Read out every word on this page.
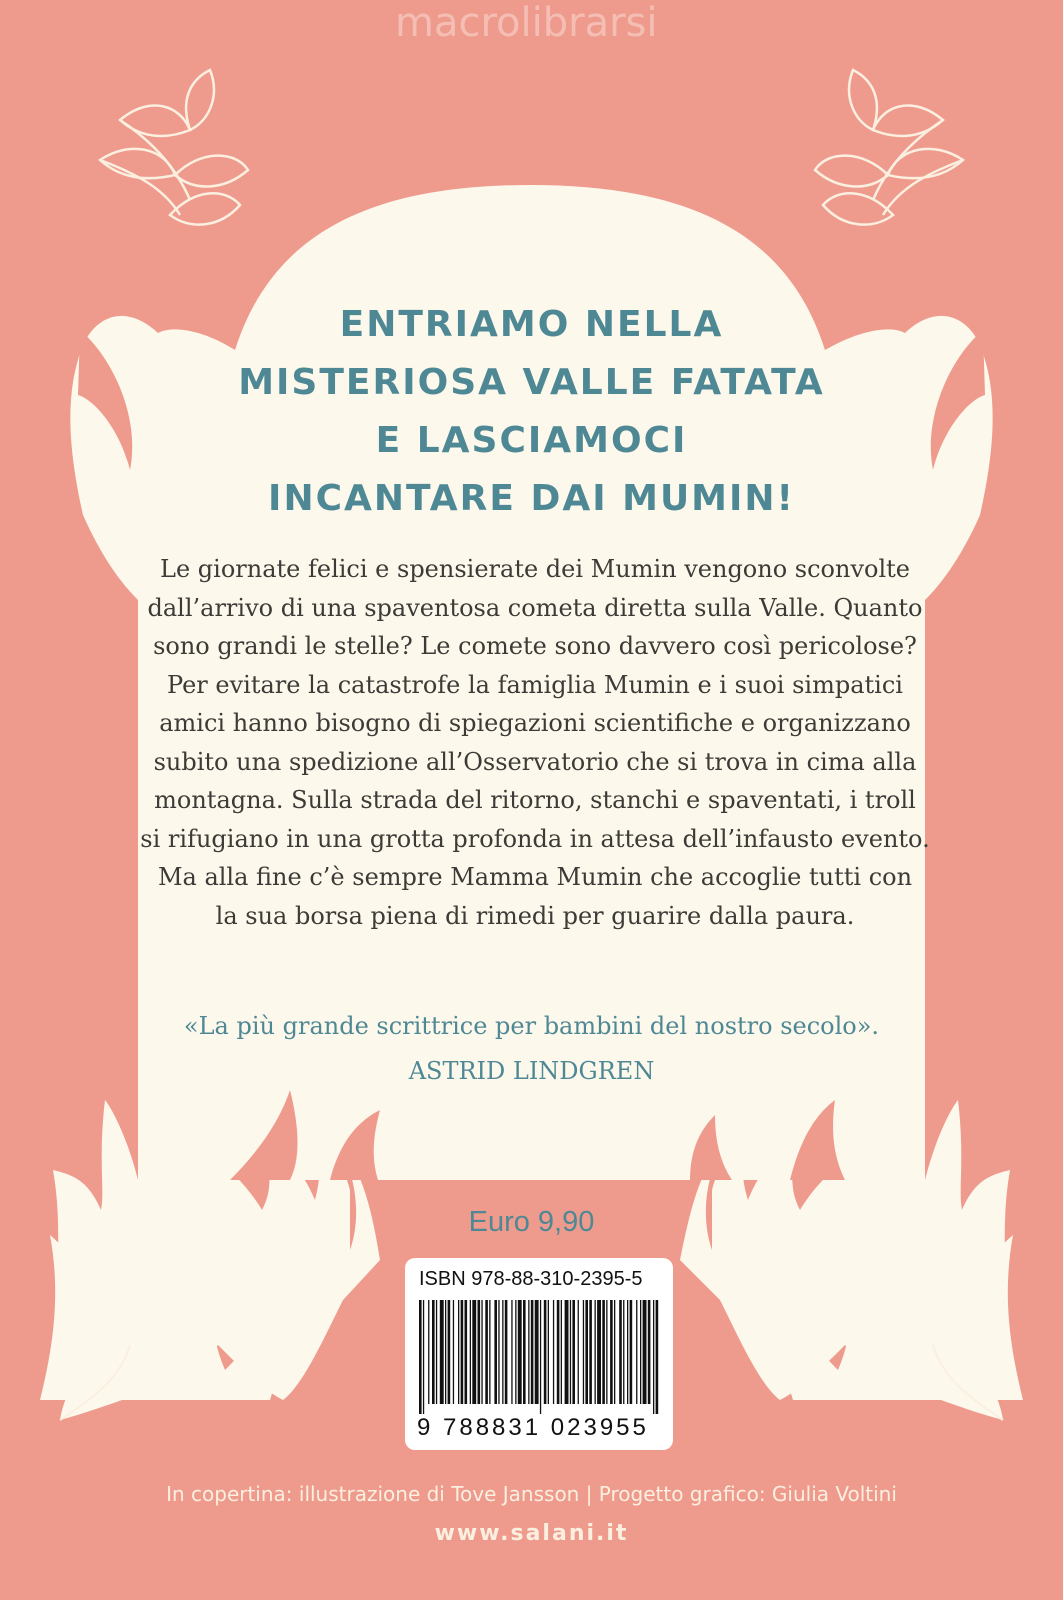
macrolibrarsi
ENTRIAMO NELLA
MISTERIOSA VALLE FATATA
E LASCIAMOCI
INCANTARE DAI MUMIN!
Le giornate felici e spensierate dei Mumin vengono sconvolte
dall’arrivo di una spaventosa cometa diretta sulla Valle. Quanto
sono grandi le stelle? Le comete sono davvero così pericolose?
Per evitare la catastrofe la famiglia Mumin e i suoi simpatici
amici hanno bisogno di spiegazioni scientifiche e organizzano
subito una spedizione all’Osservatorio che si trova in cima alla
montagna. Sulla strada del ritorno, stanchi e spaventati, i troll
si rifugiano in una grotta profonda in attesa dell’infausto evento.
Ma alla fine c’è sempre Mamma Mumin che accoglie tutti con
la sua borsa piena di rimedi per guarire dalla paura.
«La più grande scrittrice per bambini del nostro secolo».
ASTRID LINDGREN
Euro 9,90
ISBN 978-88-310-2395-5
9 788831 023955
In copertina: illustrazione di Tove Jansson | Progetto grafico: Giulia Voltini
www.salani.it
